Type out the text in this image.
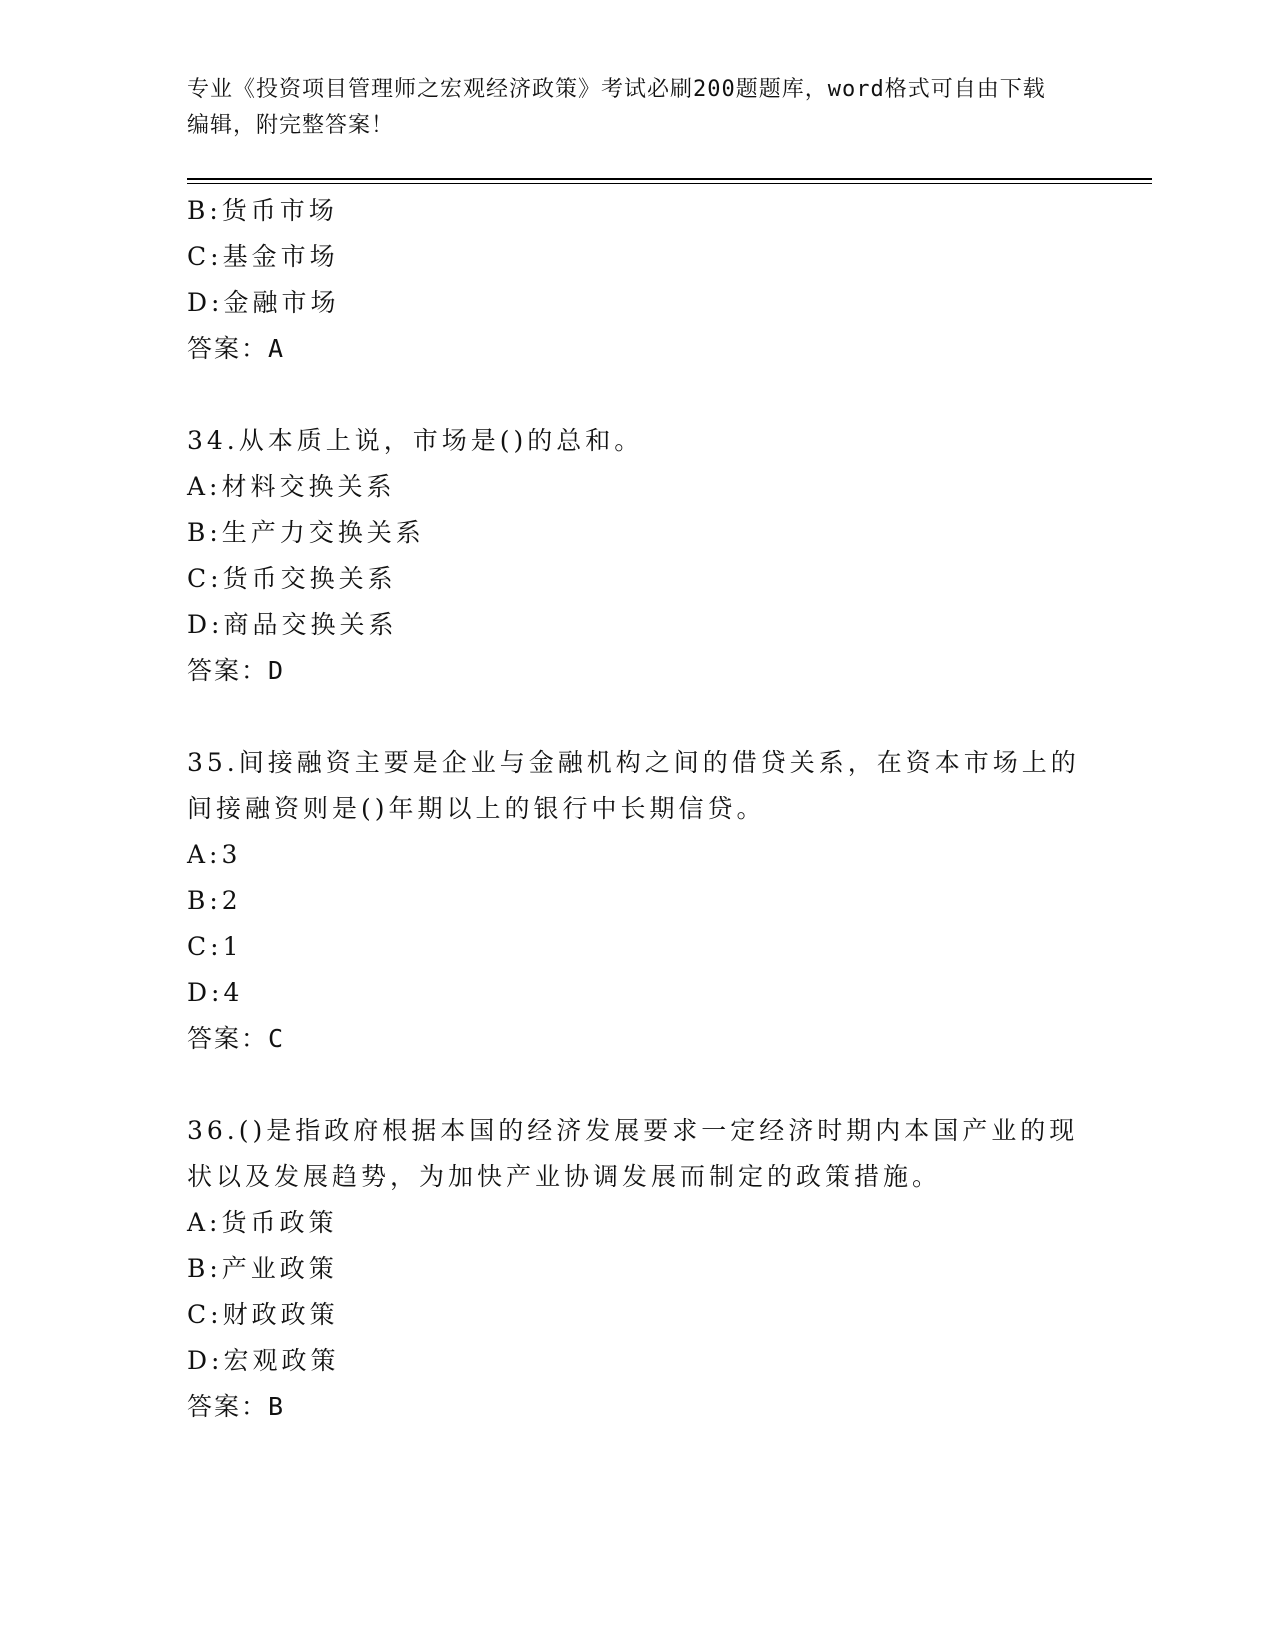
专业《投资项目管理师之宏观经济政策》考试必刷200题题库，word格式可自由下载编辑，附完整答案！
B: 货币市场
C: 基金市场
D: 金融市场
答案：A
34.从本质上说，市场是()的总和。
A: 材料交换关系
B: 生产力交换关系
C: 货币交换关系
D: 商品交换关系
答案：D
35.间接融资主要是企业与金融机构之间的借贷关系，在资本市场上的间接融资则是()年期以上的银行中长期信贷。
A: 3
B: 2
C: 1
D: 4
答案：C
36.()是指政府根据本国的经济发展要求一定经济时期内本国产业的现状以及发展趋势，为加快产业协调发展而制定的政策措施。
A: 货币政策
B: 产业政策
C: 财政政策
D: 宏观政策
答案：B
